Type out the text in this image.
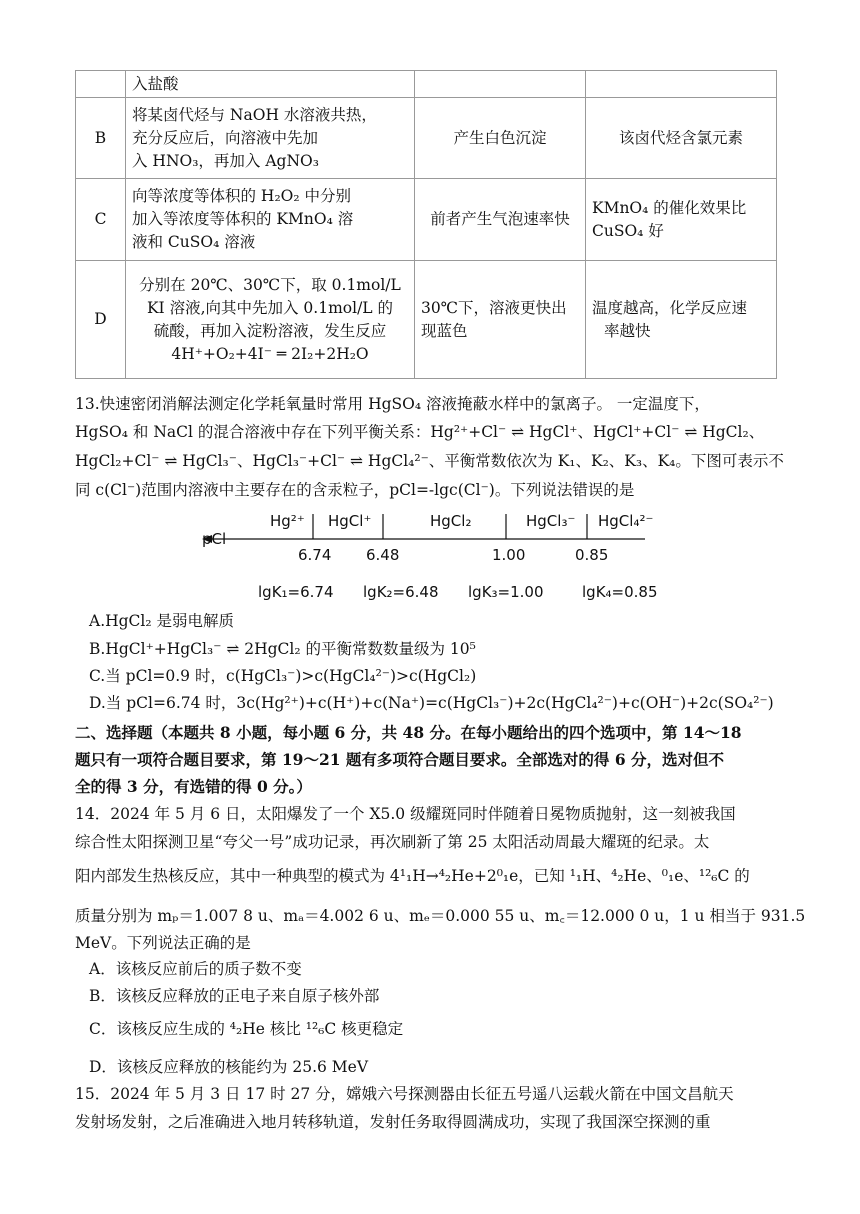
	入盐酸		
B	将某卤代烃与 NaOH 水溶液共热，
充分反应后，向溶液中先加
入 HNO₃，再加入 AgNO₃	产生白色沉淀	该卤代烃含氯元素
C	向等浓度等体积的 H₂O₂ 中分别
加入等浓度等体积的 KMnO₄ 溶
液和 CuSO₄ 溶液	前者产生气泡速率快	KMnO₄ 的催化效果比
CuSO₄ 好

D	分别在 20℃、30℃下，取 0.1mol/L
KI 溶液,向其中先加入 0.1mol/L 的
硫酸，再加入淀粉溶液，发生反应
4H⁺+O₂+4I⁻ ═ 2I₂+2H₂O	30℃下，溶液更快出
现蓝色	温度越高，化学反应速
率越快
13.快速密闭消解法测定化学耗氧量时常用 HgSO₄ 溶液掩蔽水样中的氯离子。 一定温度下，
HgSO₄ 和 NaCl 的混合溶液中存在下列平衡关系：Hg²⁺+Cl⁻ ⇌ HgCl⁺、HgCl⁺+Cl⁻ ⇌ HgCl₂、
HgCl₂+Cl⁻ ⇌ HgCl₃⁻、HgCl₃⁻+Cl⁻ ⇌ HgCl₄²⁻、平衡常数依次为 K₁、K₂、K₃、K₄。下图可表示不
同 c(Cl⁻)范围内溶液中主要存在的含汞粒子，pCl=-lgc(Cl⁻)。下列说法错误的是
pCl
Hg²⁺ HgCl⁺	HgCl₂	HgCl₃⁻ HgCl₄²⁻
6.74 6.48	1.00	0.85
lgK₁=6.74 lgK₂=6.48 lgK₃=1.00	lgK₄=0.85
A.HgCl₂ 是弱电解质
B.HgCl⁺+HgCl₃⁻ ⇌ 2HgCl₂ 的平衡常数数量级为 10⁵
C.当 pCl=0.9 时，c(HgCl₃⁻)>c(HgCl₄²⁻)>c(HgCl₂)
D.当 pCl=6.74 时，3c(Hg²⁺)+c(H⁺)+c(Na⁺)=c(HgCl₃⁻)+2c(HgCl₄²⁻)+c(OH⁻)+2c(SO₄²⁻)
二、选择题（本题共 8 小题，每小题 6 分，共 48 分。在每小题给出的四个选项中，第 14～18
题只有一项符合题目要求，第 19～21 题有多项符合题目要求。全部选对的得 6 分，选对但不
全的得 3 分，有选错的得 0 分。）
14．2024 年 5 月 6 日，太阳爆发了一个 X5.0 级耀斑同时伴随着日冕物质抛射，这一刻被我国
综合性太阳探测卫星“夸父一号”成功记录，再次刷新了第 25 太阳活动周最大耀斑的纪录。太
阳内部发生热核反应，其中一种典型的模式为 4¹₁H→⁴₂He+2⁰₁e，已知 ¹₁H、⁴₂He、⁰₁e、¹²₆C 的
质量分别为 mₚ＝1.007 8 u、mₐ＝4.002 6 u、mₑ＝0.000 55 u、m꜀＝12.000 0 u，1 u 相当于 931.5
MeV。下列说法正确的是
A．该核反应前后的质子数不变
B．该核反应释放的正电子来自原子核外部
C．该核反应生成的 ⁴₂He 核比 ¹²₆C 核更稳定
D．该核反应释放的核能约为 25.6 MeV
15．2024 年 5 月 3 日 17 时 27 分，嫦娥六号探测器由长征五号遥八运载火箭在中国文昌航天
发射场发射，之后准确进入地月转移轨道，发射任务取得圆满成功，实现了我国深空探测的重
